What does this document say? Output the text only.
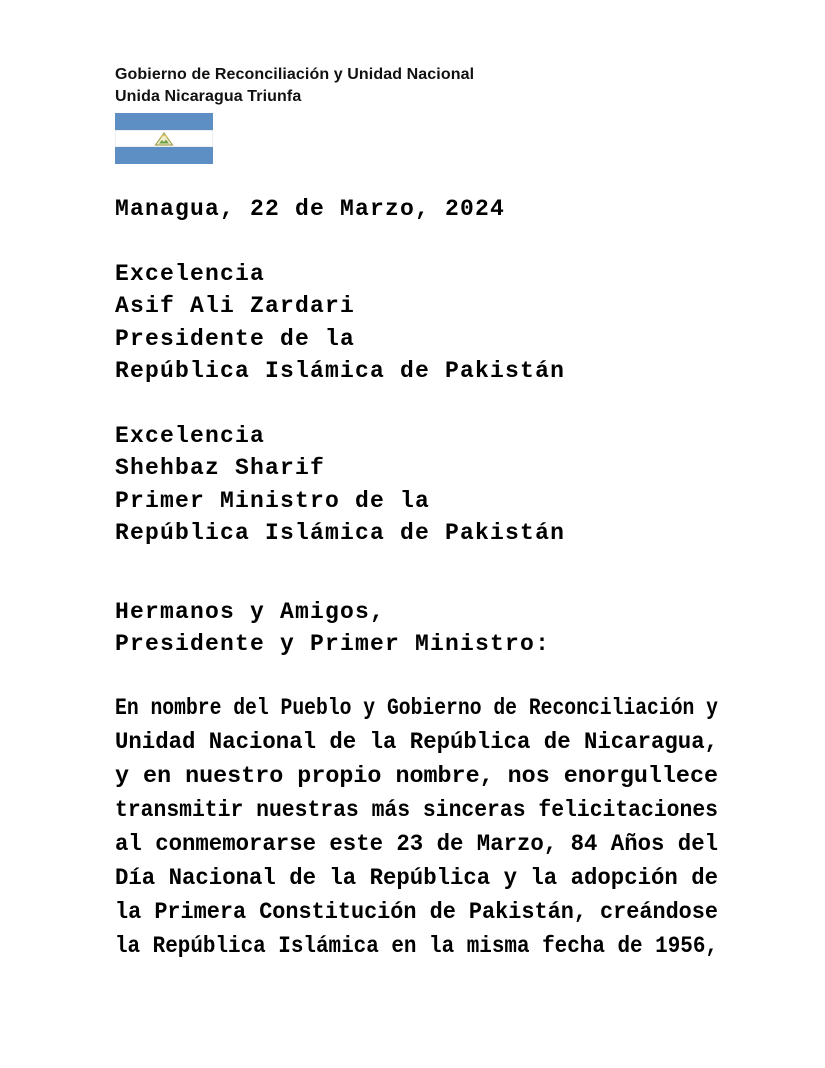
Gobierno de Reconciliación y Unidad Nacional
Unida Nicaragua Triunfa
Managua, 22 de Marzo, 2024
Excelencia
Asif Ali Zardari
Presidente de la
República Islámica de Pakistán
Excelencia
Shehbaz Sharif
Primer Ministro de la
República Islámica de Pakistán
Hermanos y Amigos,
Presidente y Primer Ministro:
En nombre del Pueblo y Gobierno de Reconciliación y
Unidad Nacional de la República de Nicaragua,
y en nuestro propio nombre, nos enorgullece
transmitir nuestras más sinceras felicitaciones
al conmemorarse este 23 de Marzo, 84 Años del
Día Nacional de la República y la adopción de
la Primera Constitución de Pakistán, creándose
la República Islámica en la misma fecha de 1956,
